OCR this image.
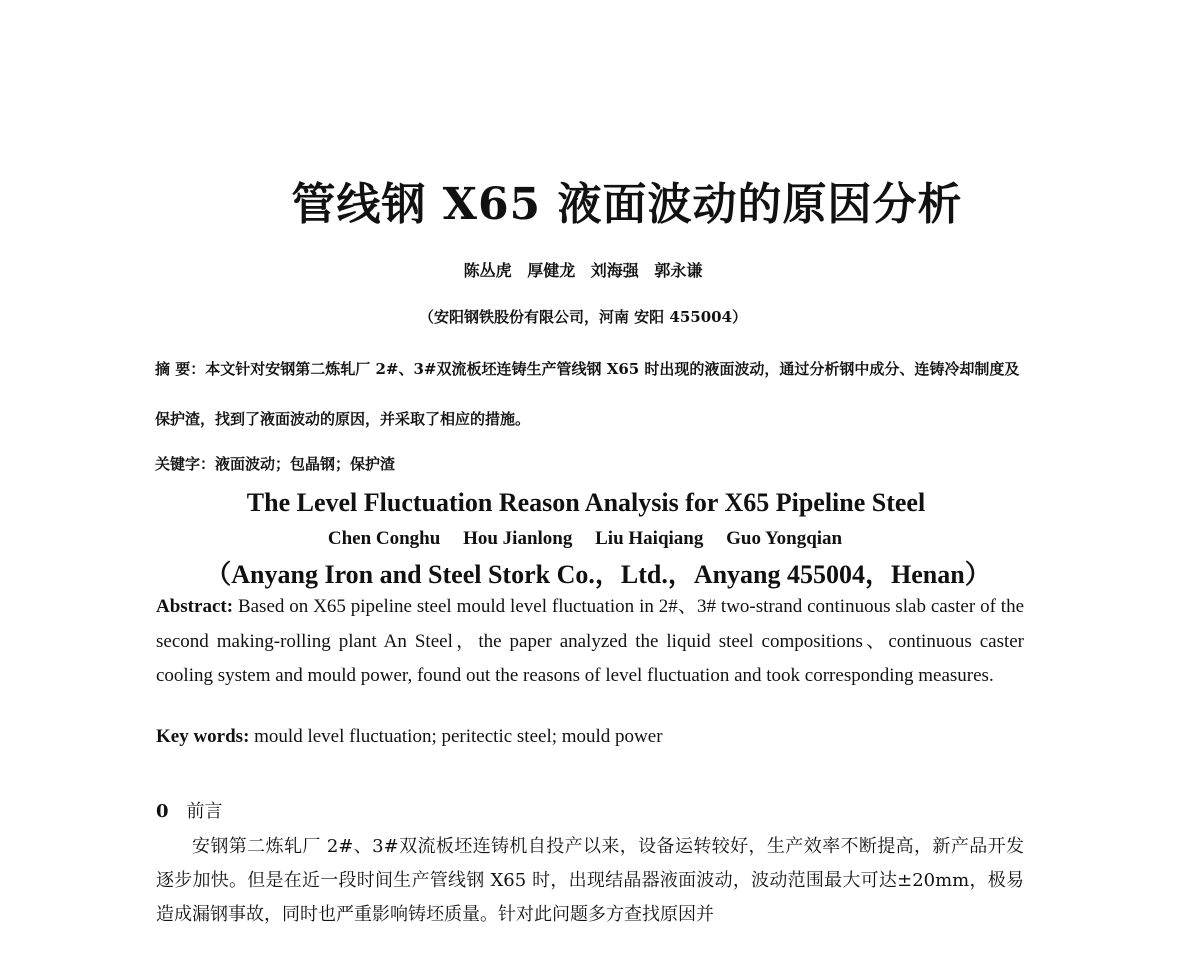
管线钢 X65 液面波动的原因分析
陈丛虎 厚健龙 刘海强 郭永谦
（安阳钢铁股份有限公司，河南 安阳 455004）
摘 要：本文针对安钢第二炼轧厂 2#、3#双流板坯连铸生产管线钢 X65 时出现的液面波动，通过分析钢中成分、连铸冷却制度及保护渣，找到了液面波动的原因，并采取了相应的措施。
关键字：液面波动；包晶钢；保护渣
The Level Fluctuation Reason Analysis for X65 Pipeline Steel
Chen Conghu Hou Jianlong Liu Haiqiang Guo Yongqian
（Anyang Iron and Steel Stork Co.，Ltd.，Anyang 455004，Henan）
Abstract: Based on X65 pipeline steel mould level fluctuation in 2#、3# two-strand continuous slab caster of the second making-rolling plant An Steel，the paper analyzed the liquid steel compositions、continuous caster cooling system and mould power, found out the reasons of level fluctuation and took corresponding measures.
Key words: mould level fluctuation; peritectic steel; mould power
0 前言
安钢第二炼轧厂 2#、3#双流板坯连铸机自投产以来，设备运转较好，生产效率不断提高，新产品开发逐步加快。但是在近一段时间生产管线钢 X65 时，出现结晶器液面波动，波动范围最大可达±20mm，极易造成漏钢事故，同时也严重影响铸坯质量。针对此问题多方查找原因并
